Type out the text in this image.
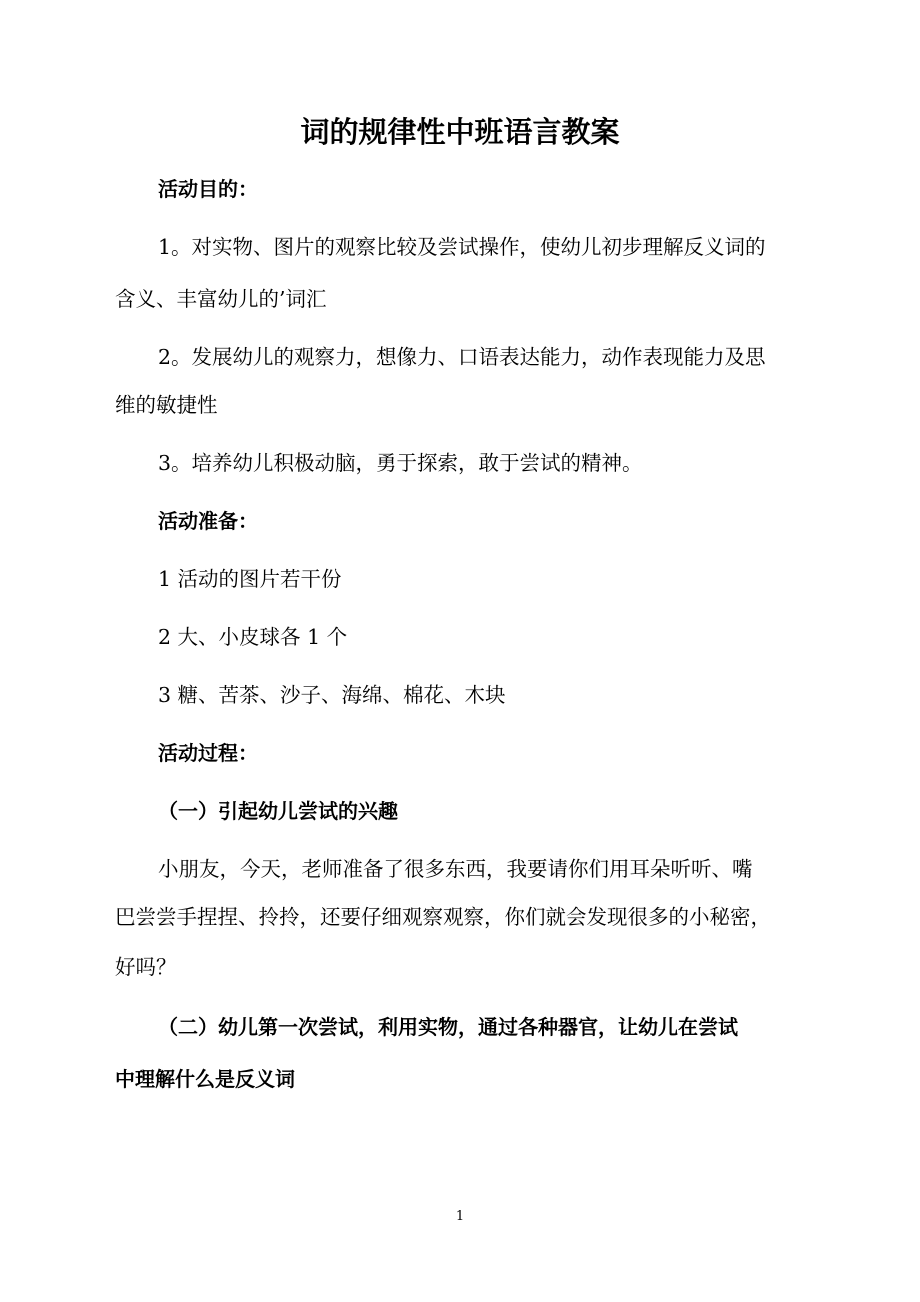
词的规律性中班语言教案
活动目的：
1。对实物、图片的观察比较及尝试操作，使幼儿初步理解反义词的
含义、丰富幼儿的’词汇
2。发展幼儿的观察力，想像力、口语表达能力，动作表现能力及思
维的敏捷性
3。培养幼儿积极动脑，勇于探索，敢于尝试的精神。
活动准备：
1 活动的图片若干份
2 大、小皮球各 1 个
3 糖、苦茶、沙子、海绵、棉花、木块
活动过程：
（一）引起幼儿尝试的兴趣
小朋友，今天，老师准备了很多东西，我要请你们用耳朵听听、嘴
巴尝尝手捏捏、拎拎，还要仔细观察观察，你们就会发现很多的小秘密，
好吗？
（二）幼儿第一次尝试，利用实物，通过各种器官，让幼儿在尝试
中理解什么是反义词
1
